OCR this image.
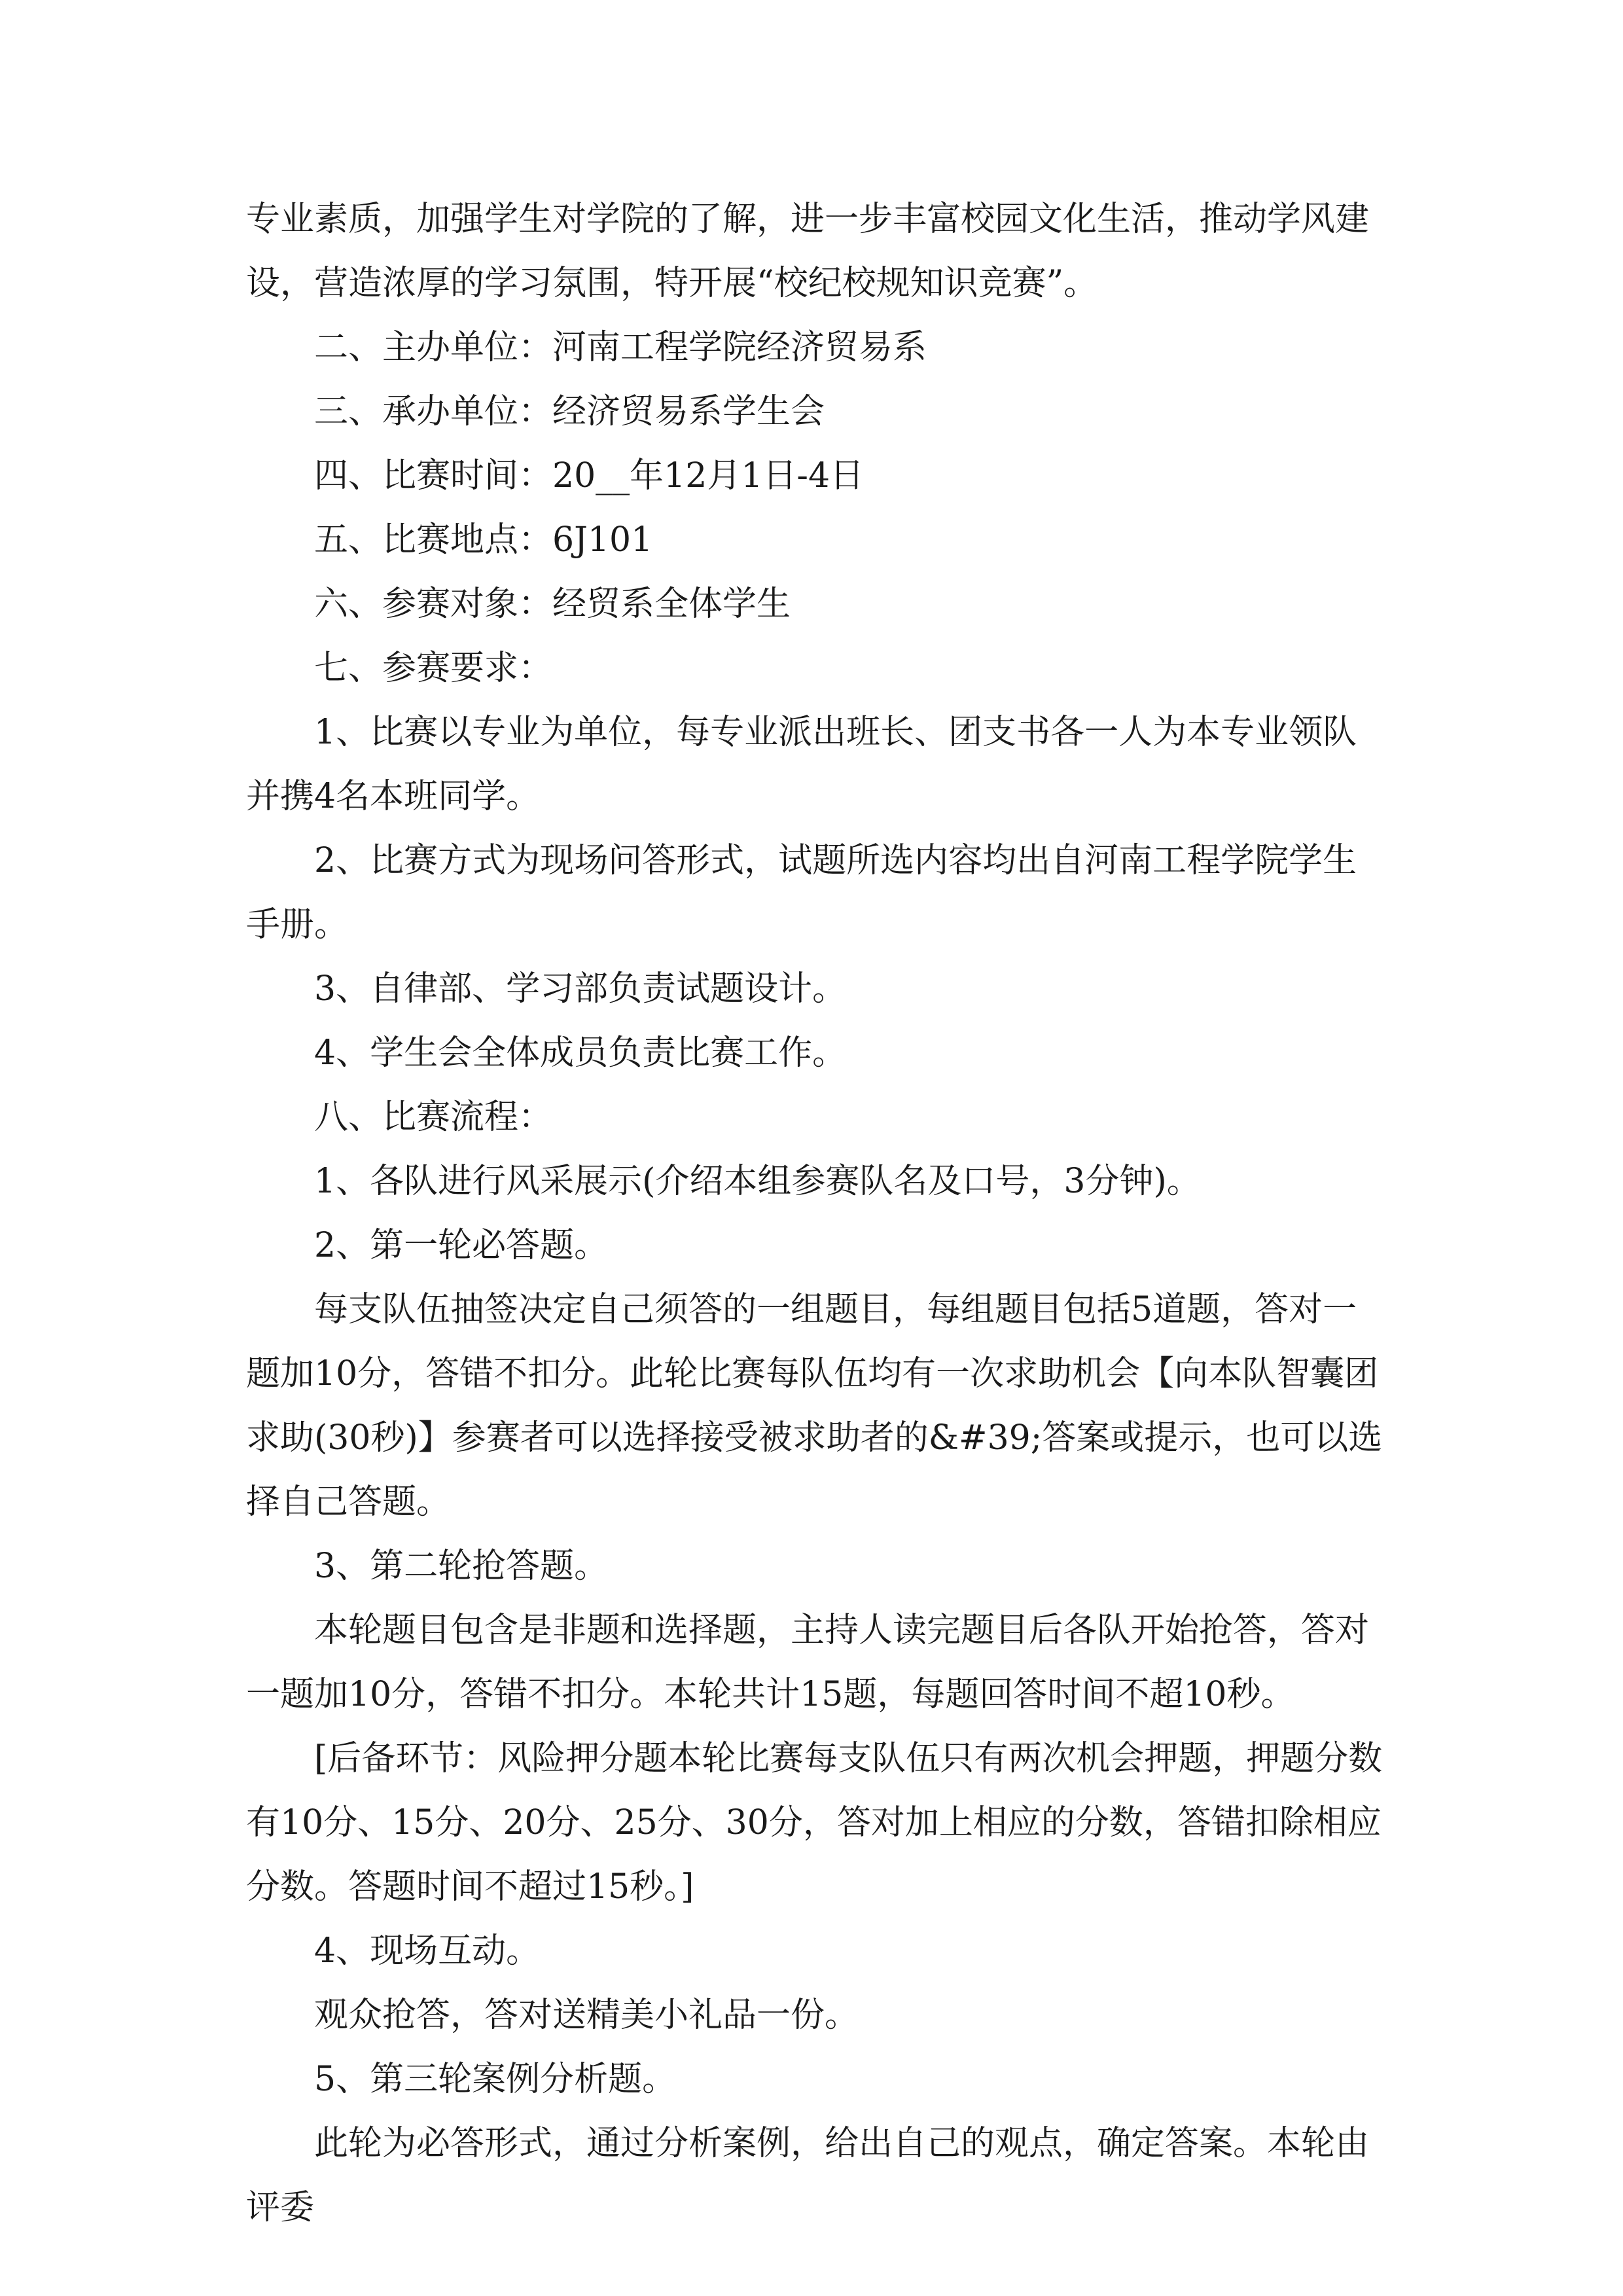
专业素质，加强学生对学院的了解，进一步丰富校园文化生活，推动学风建设，营造浓厚的学习氛围，特开展“校纪校规知识竞赛”。

二、主办单位：河南工程学院经济贸易系

三、承办单位：经济贸易系学生会

四、比赛时间：20__年12月1日-4日

五、比赛地点：6J101

六、参赛对象：经贸系全体学生

七、参赛要求：

1、比赛以专业为单位，每专业派出班长、团支书各一人为本专业领队并携4名本班同学。

2、比赛方式为现场问答形式，试题所选内容均出自河南工程学院学生手册。

3、自律部、学习部负责试题设计。

4、学生会全体成员负责比赛工作。

八、比赛流程：

1、各队进行风采展示(介绍本组参赛队名及口号，3分钟)。

2、第一轮必答题。

每支队伍抽签决定自己须答的一组题目，每组题目包括5道题，答对一题加10分，答错不扣分。此轮比赛每队伍均有一次求助机会【向本队智囊团求助(30秒)】参赛者可以选择接受被求助者的&#39;答案或提示，也可以选择自己答题。

3、第二轮抢答题。

本轮题目包含是非题和选择题，主持人读完题目后各队开始抢答，答对一题加10分，答错不扣分。本轮共计15题，每题回答时间不超10秒。

[后备环节：风险押分题本轮比赛每支队伍只有两次机会押题，押题分数有10分、15分、20分、25分、30分，答对加上相应的分数，答错扣除相应分数。答题时间不超过15秒。]

4、现场互动。

观众抢答，答对送精美小礼品一份。

5、第三轮案例分析题。

此轮为必答形式，通过分析案例，给出自己的观点，确定答案。本轮由评委
